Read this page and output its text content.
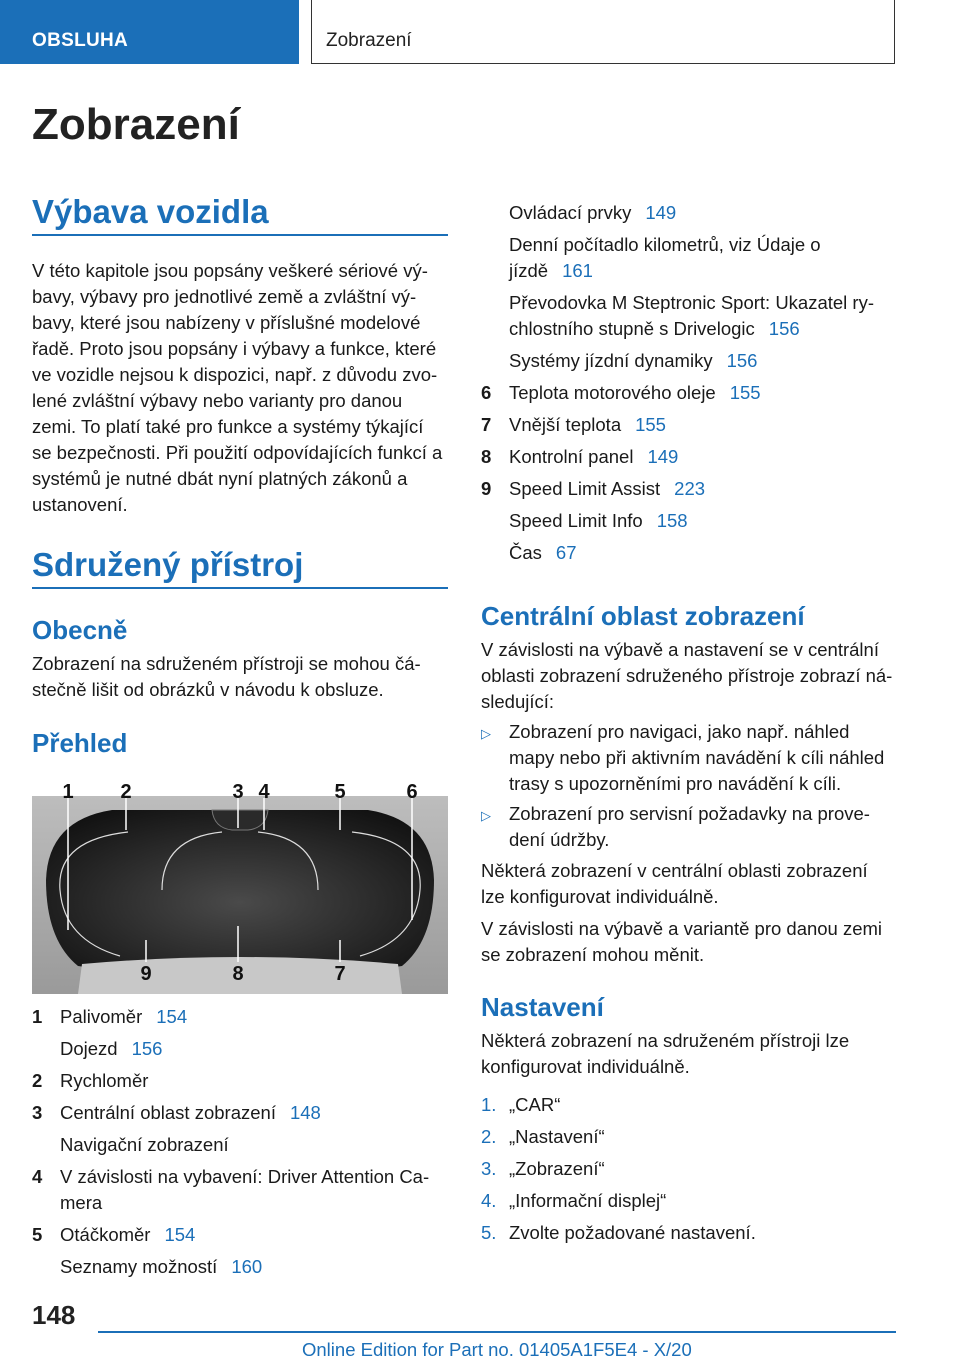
OBSLUHA	Zobrazení
Zobrazení
Výbava vozidla
V této kapitole jsou popsány veškeré sériové vý‐
bavy, výbavy pro jednotlivé země a zvláštní vý‐
bavy, které jsou nabízeny v příslušné modelové
řadě. Proto jsou popsány i výbavy a funkce, které
ve vozidle nejsou k dispozici, např. z důvodu zvo‐
lené zvláštní výbavy nebo varianty pro danou
zemi. To platí také pro funkce a systémy týkající
se bezpečnosti. Při použití odpovídajících funkcí a
systémů je nutné dbát nyní platných zákonů a
ustanovení.
Sdružený přístroj
Obecně
Zobrazení na sdruženém přístroji se mohou čá‐
stečně lišit od obrázků v návodu k obsluze.
Přehled
1 2	3 4	5	6
9	8	7
1 Palivoměr 154
Dojezd 156
2 Rychloměr
3 Centrální oblast zobrazení 148
Navigační zobrazení
4 V závislosti na vybavení: Driver Attention Ca‐
mera
5 Otáčkoměr 154
Seznamy možností 160
Ovládací prvky 149
Denní počítadlo kilometrů, viz Údaje o
jízdě 161
Převodovka M Steptronic Sport: Ukazatel ry‐
chlostního stupně s Drivelogic 156
Systémy jízdní dynamiky 156
6 Teplota motorového oleje 155
7 Vnější teplota 155
8 Kontrolní panel 149
9 Speed Limit Assist 223
Speed Limit Info 158
Čas 67
Centrální oblast zobrazení
V závislosti na výbavě a nastavení se v centrální
oblasti zobrazení sdruženého přístroje zobrazí ná‐
sledující:
▷ Zobrazení pro navigaci, jako např. náhled
mapy nebo při aktivním navádění k cíli náhled
trasy s upozorněními pro navádění k cíli.
▷ Zobrazení pro servisní požadavky na prove‐
dení údržby.
Některá zobrazení v centrální oblasti zobrazení
lze konfigurovat individuálně.
V závislosti na výbavě a variantě pro danou zemi
se zobrazení mohou měnit.
Nastavení
Některá zobrazení na sdruženém přístroji lze
konfigurovat individuálně.
1. „CAR“
2. „Nastavení“
3. „Zobrazení“
4. „Informační displej“
5. Zvolte požadované nastavení.
148
Online Edition for Part no. 01405A1F5E4 - X/20
